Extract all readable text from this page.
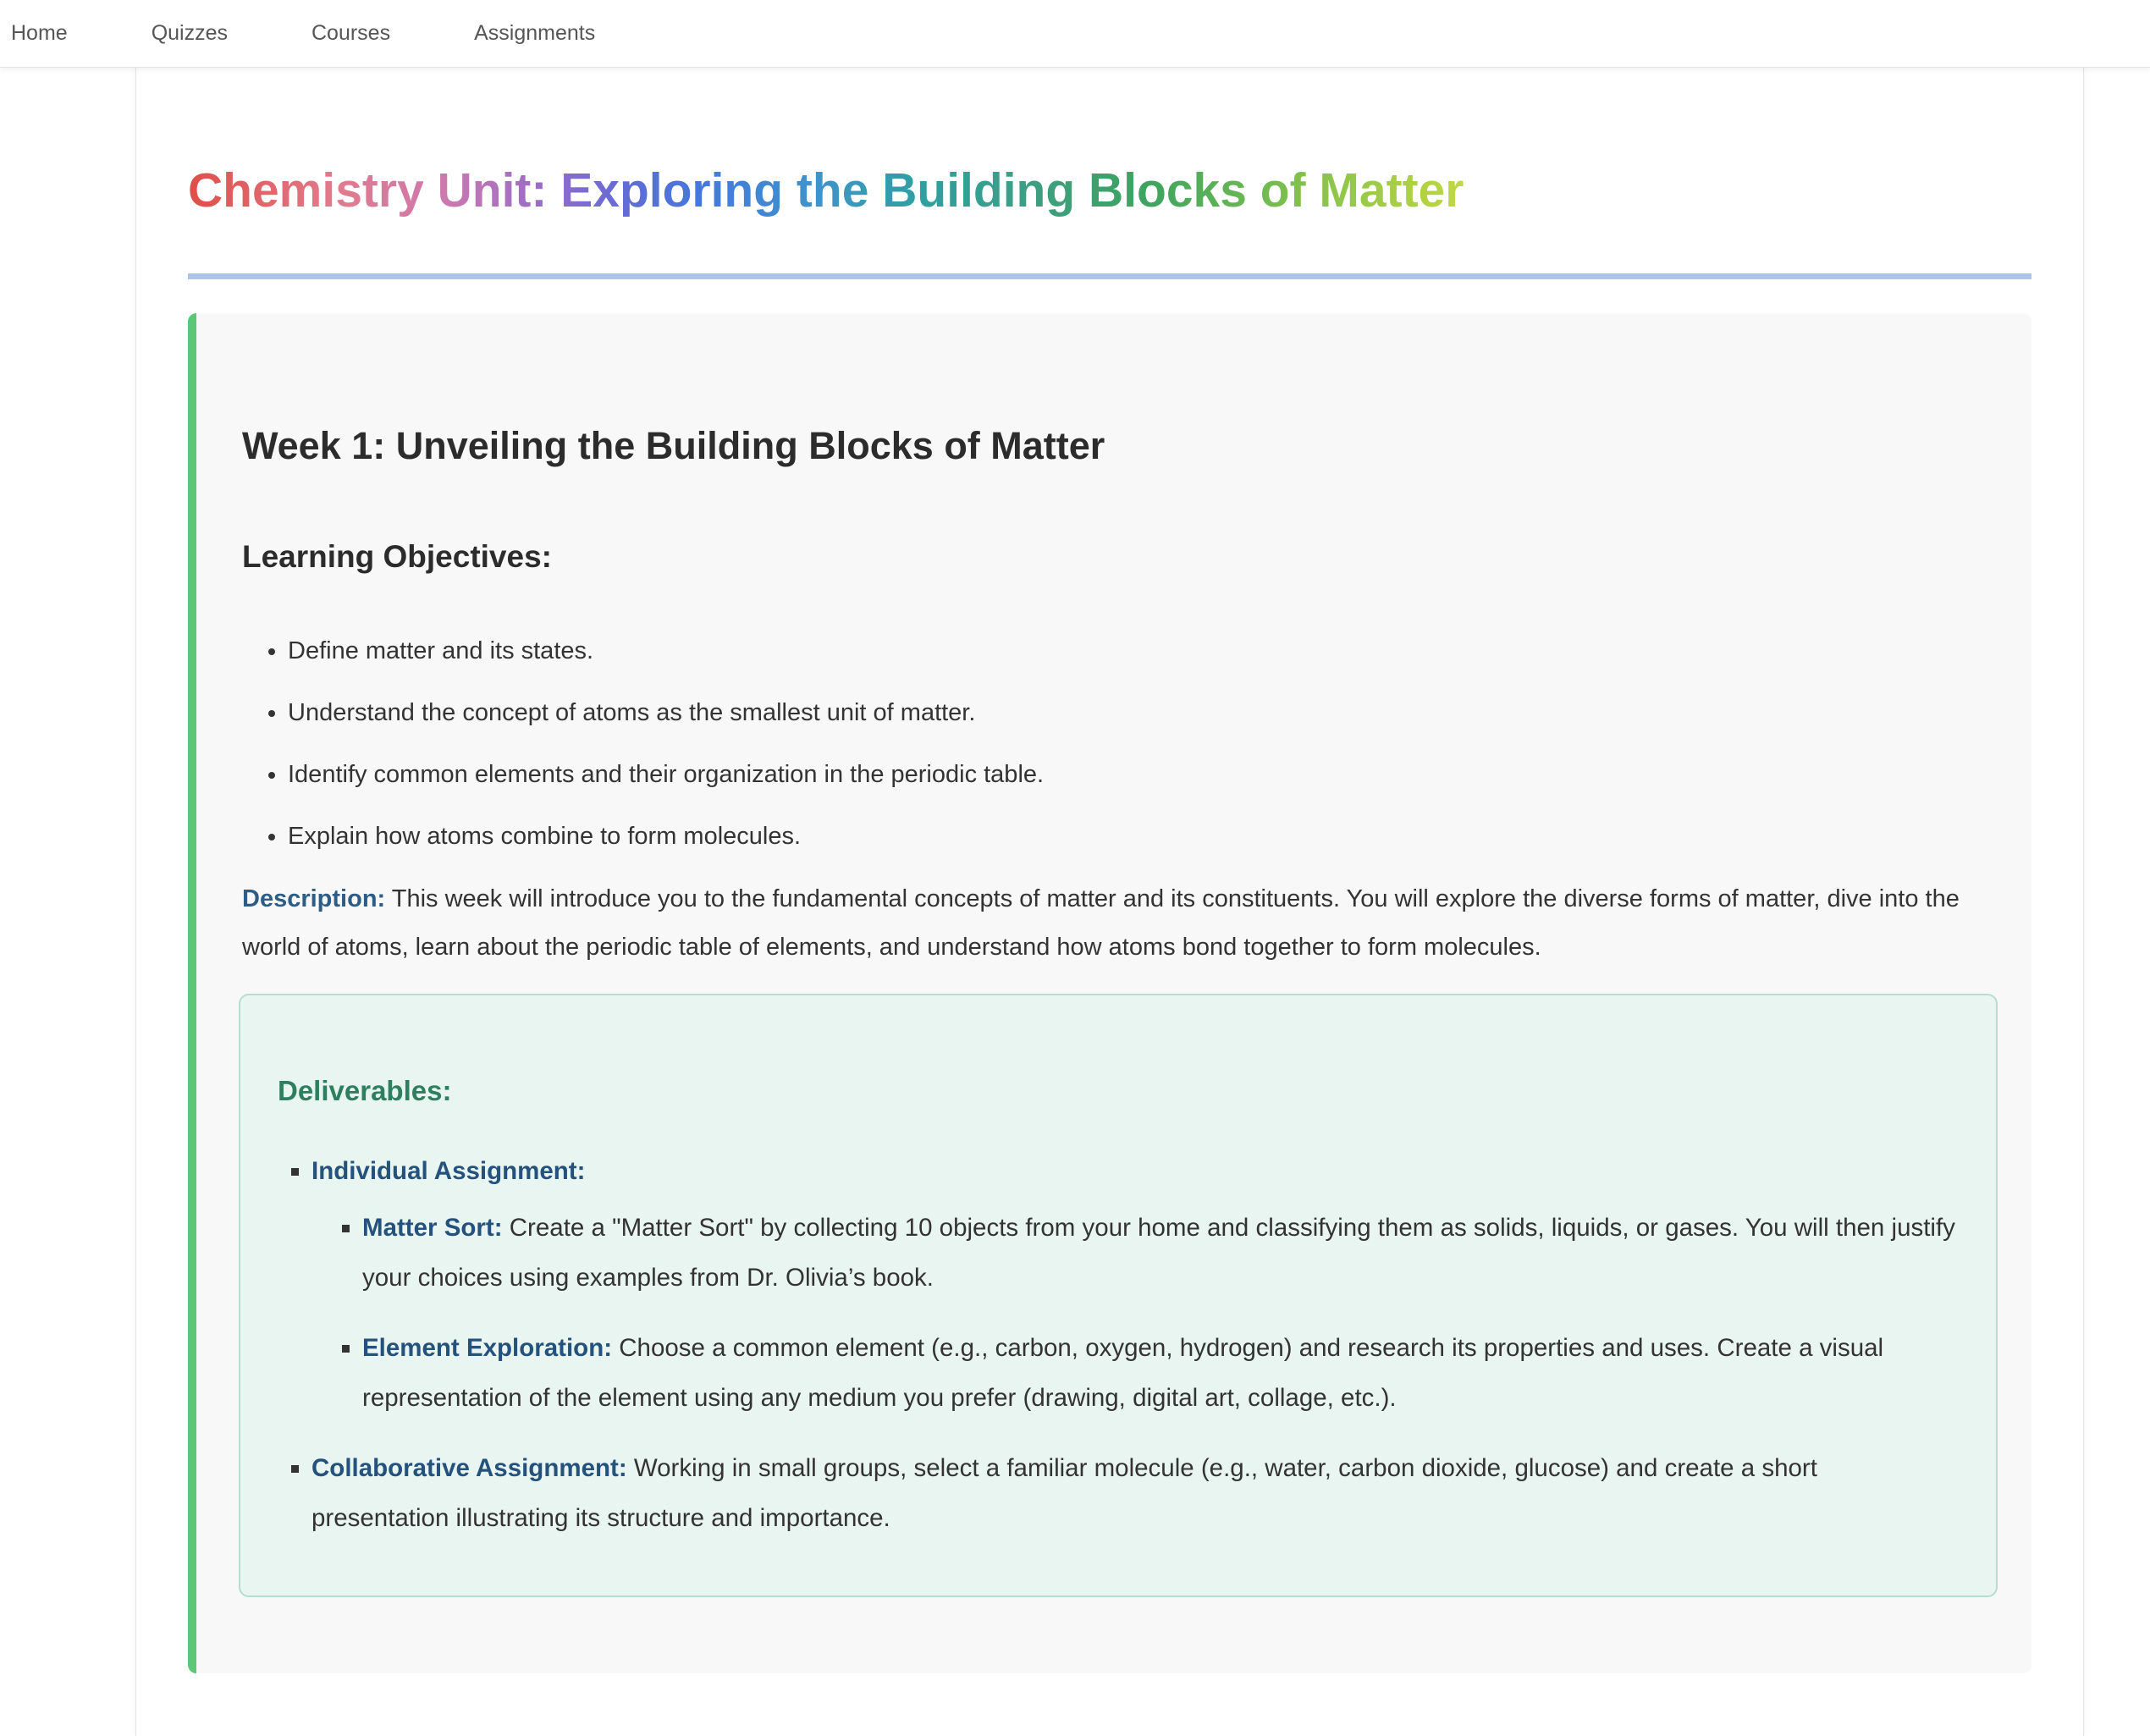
Home	Quizzes	Courses	Assignments
Chemistry Unit: Exploring the Building Blocks of Matter
Week 1: Unveiling the Building Blocks of Matter
Learning Objectives:
• Define matter and its states.
• Understand the concept of atoms as the smallest unit of matter.
• Identify common elements and their organization in the periodic table.
• Explain how atoms combine to form molecules.

Description: This week will introduce you to the fundamental concepts of matter and its constituents. You will explore the diverse forms of matter, dive into the world of atoms, learn about the periodic table of elements, and understand how atoms bond together to form molecules.

Deliverables:
▪ Individual Assignment:
▪ Matter Sort: Create a "Matter Sort" by collecting 10 objects from your home and classifying them as solids, liquids, or gases. You will then justify your choices using examples from Dr. Olivia’s book.
▪ Element Exploration: Choose a common element (e.g., carbon, oxygen, hydrogen) and research its properties and uses. Create a visual representation of the element using any medium you prefer (drawing, digital art, collage, etc.).
▪ Collaborative Assignment: Working in small groups, select a familiar molecule (e.g., water, carbon dioxide, glucose) and create a short presentation illustrating its structure and importance.
